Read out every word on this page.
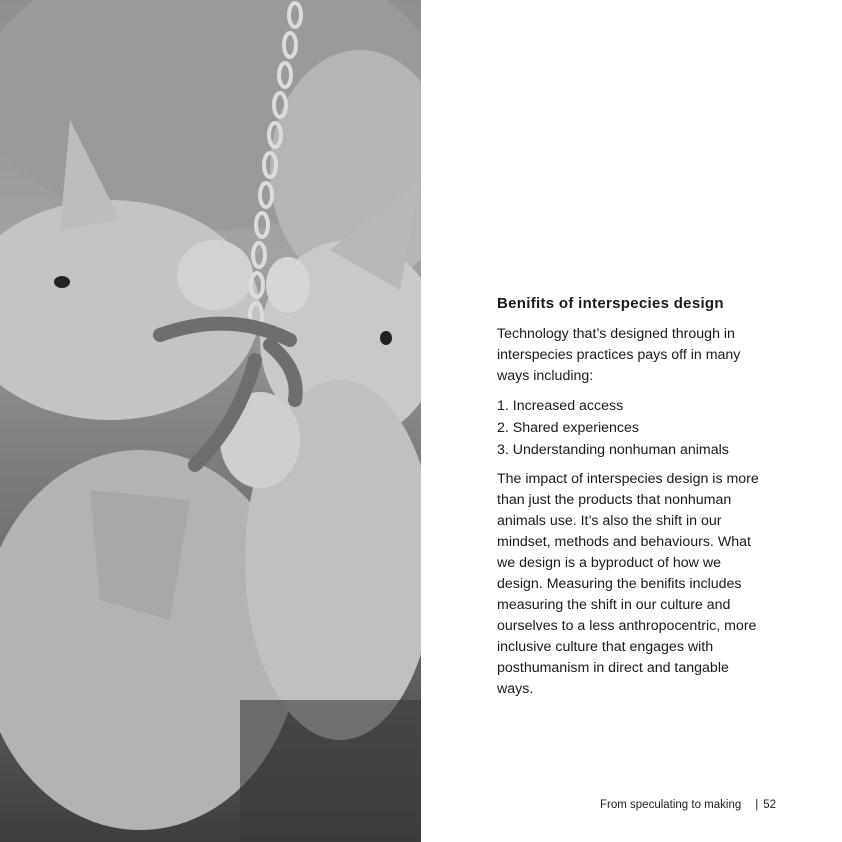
Benifits of interspecies design

Technology that’s designed through in interspecies practices pays off in many ways including:

1. Increased access
2. Shared experiences
3. Understanding nonhuman animals

The impact of interspecies design is more than just the products that nonhuman animals use. It’s also the shift in our mindset, methods and behaviours. What we design is a byproduct of how we design. Measuring the benifits includes measuring the shift in our culture and ourselves to a less anthropocentric, more inclusive culture that engages with posthumanism in direct and tangable ways.

From speculating to making | 52
